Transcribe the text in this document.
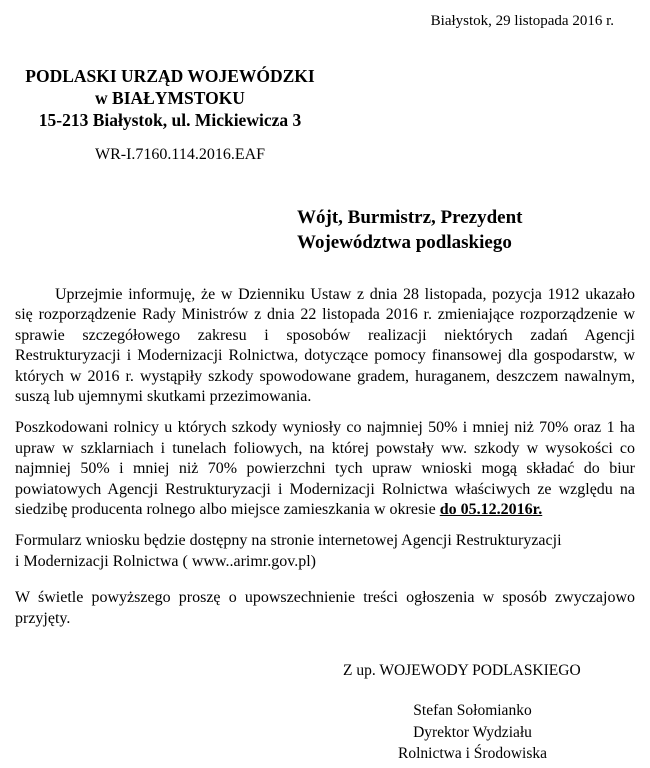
Białystok, 29 listopada 2016 r.
PODLASKI URZĄD WOJEWÓDZKI
w BIAŁYMSTOKU
15-213 Białystok, ul. Mickiewicza 3
WR-I.7160.114.2016.EAF
Wójt, Burmistrz, Prezydent
Województwa podlaskiego

Uprzejmie informuję, że w Dzienniku Ustaw z dnia 28 listopada, pozycja 1912 ukazało się rozporządzenie Rady Ministrów z dnia 22 listopada 2016 r. zmieniające rozporządzenie w sprawie szczegółowego zakresu i sposobów realizacji niektórych zadań Agencji Restrukturyzacji i Modernizacji Rolnictwa, dotyczące pomocy finansowej dla gospodarstw, w których w 2016 r. wystąpiły szkody spowodowane gradem, huraganem, deszczem nawalnym, suszą lub ujemnymi skutkami przezimowania.

Poszkodowani rolnicy u których szkody wyniosły co najmniej 50% i mniej niż 70% oraz 1 ha upraw w szklarniach i tunelach foliowych, na której powstały ww. szkody w wysokości co najmniej 50% i mniej niż 70% powierzchni tych upraw wnioski mogą składać do biur powiatowych Agencji Restrukturyzacji i Modernizacji Rolnictwa właściwych ze względu na siedzibę producenta rolnego albo miejsce zamieszkania w okresie do 05.12.2016r.

Formularz wniosku będzie dostępny na stronie internetowej Agencji Restrukturyzacji
i Modernizacji Rolnictwa ( www..arimr.gov.pl)

W świetle powyższego proszę o upowszechnienie treści ogłoszenia w sposób zwyczajowo przyjęty.

Z up. WOJEWODY PODLASKIEGO
Stefan Sołomianko
Dyrektor Wydziału
Rolnictwa i Środowiska
